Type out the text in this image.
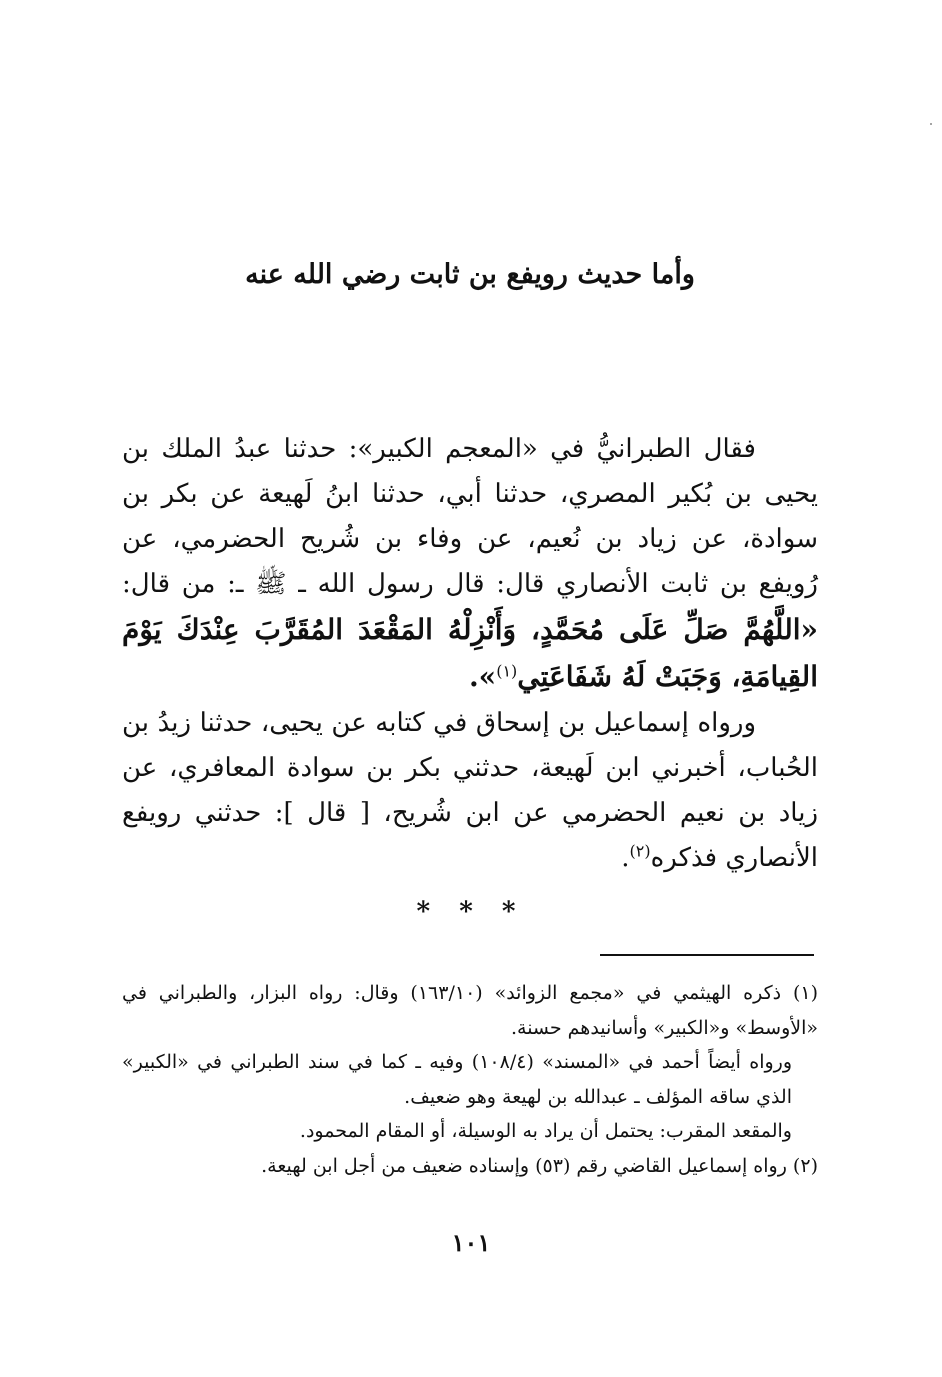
وأما حديث رويفع بن ثابت رضي الله عنه

فقال الطبرانيُّ في «المعجم الكبير»: حدثنا عبدُ الملك بن يحيى بن بُكير المصري، حدثنا أبي، حدثنا ابنُ لَهيعة عن بكر بن سوادة، عن زياد بن نُعيم، عن وفاء بن شُريح الحضرمي، عن رُويفع بن ثابت الأنصاري قال: قال رسول الله ـ ﷺ ـ: من قال: «اللَّهُمَّ صَلِّ عَلَى مُحَمَّدٍ، وَأَنْزِلْهُ المَقْعَدَ المُقَرَّبَ عِنْدَكَ يَوْمَ القِيامَةِ، وَجَبَتْ لَهُ شَفَاعَتِي$^{(١)}$».

ورواه إسماعيل بن إسحاق في كتابه عن يحيى، حدثنا زيدُ بن الحُباب، أخبرني ابن لَهيعة، حدثني بكر بن سوادة المعافري، عن زياد بن نعيم الحضرمي عن ابن شُريح، [ قال ]: حدثني رويفع الأنصاري فذكره$^{(٢)}$.

* * *

(١) ذكره الهيثمي في «مجمع الزوائد» (١٦٣/١٠) وقال: رواه البزار، والطبراني في «الأوسط» و«الكبير» وأسانيدهم حسنة.

ورواه أيضاً أحمد في «المسند» (١٠٨/٤) وفيه ـ كما في سند الطبراني في «الكبير» الذي ساقه المؤلف ـ عبدالله بن لهيعة وهو ضعيف.

والمقعد المقرب: يحتمل أن يراد به الوسيلة، أو المقام المحمود.

(٢) رواه إسماعيل القاضي رقم (٥٣) وإسناده ضعيف من أجل ابن لهيعة.

١٠١
